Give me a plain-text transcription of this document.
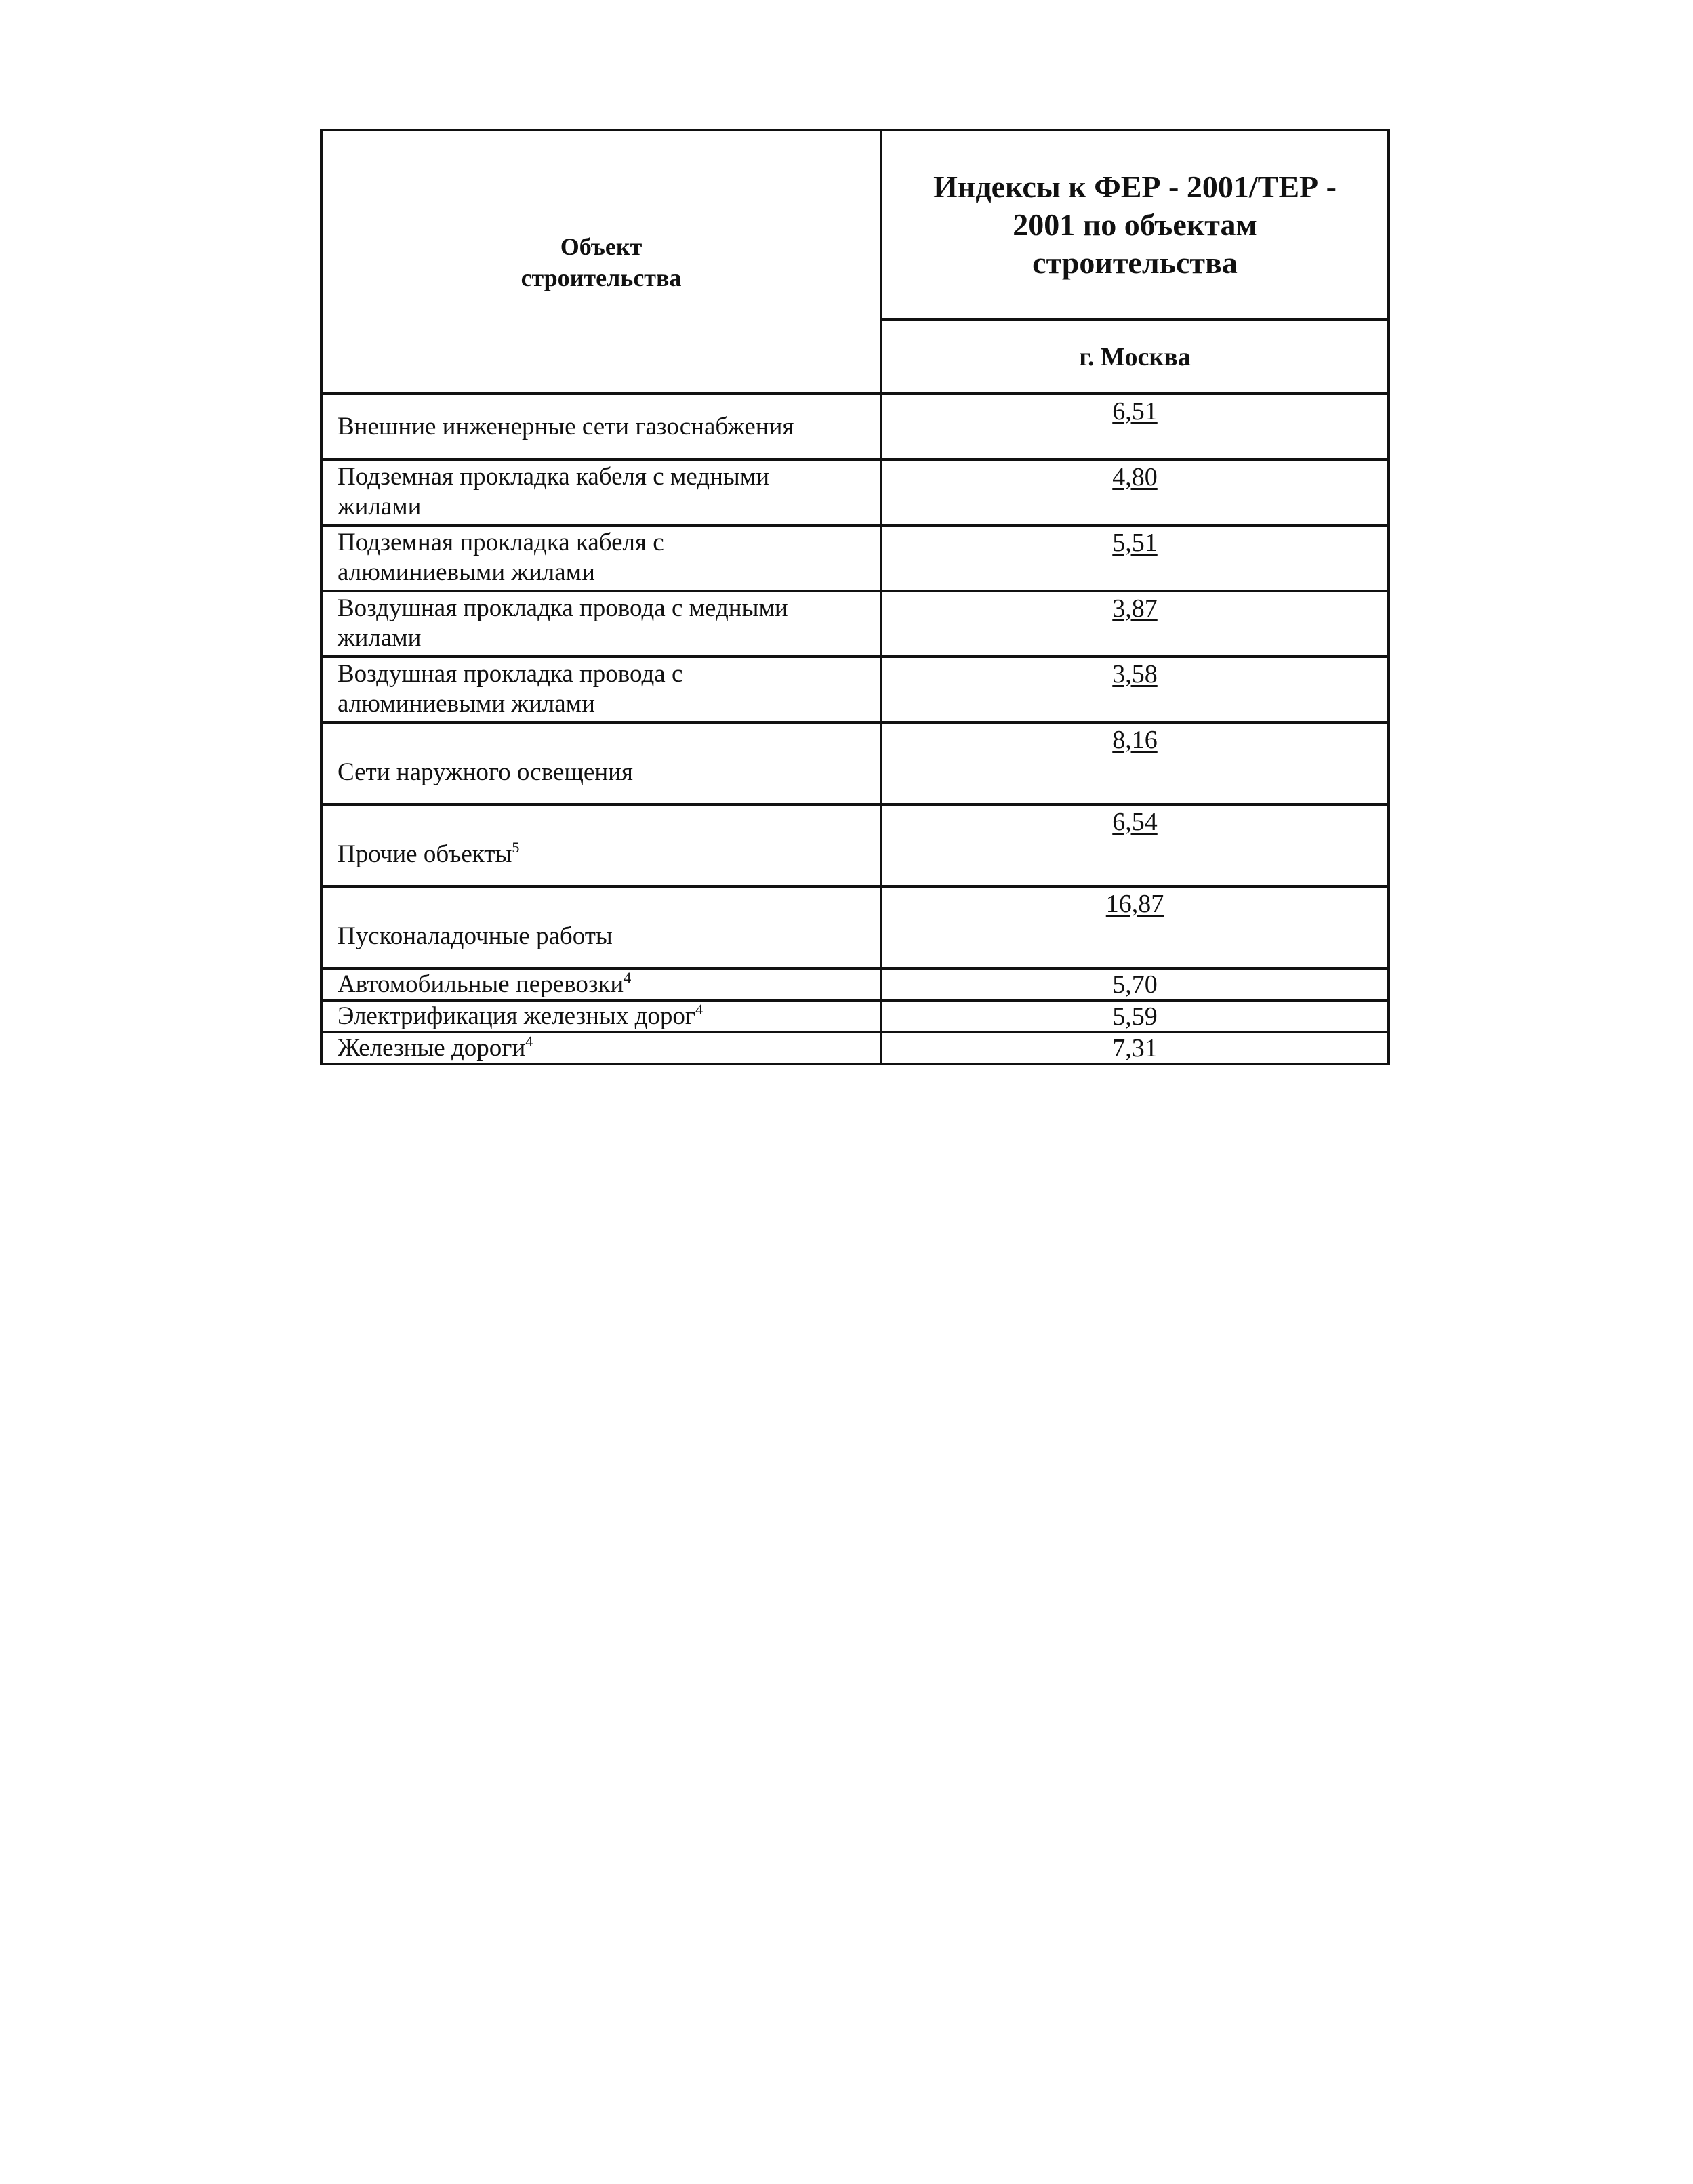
Объект
строительства	Индексы к ФЕР - 2001/ТЕР -
2001 по объектам
строительства

	г. Москва
Внешние инженерные сети газоснабжения	6,51
Подземная прокладка кабеля с медными
жилами	4,80
Подземная прокладка кабеля с
алюминиевыми жилами	5,51
Воздушная прокладка провода с медными
жилами	3,87
Воздушная прокладка провода с
алюминиевыми жилами	3,58
Сети наружного освещения	8,16
Прочие объекты$^5$	6,54
Пусконаладочные работы	16,87
Автомобильные перевозки$^4$	5,70
Электрификация железных дорог$^4$	5,59
Железные дороги$^4$	7,31
